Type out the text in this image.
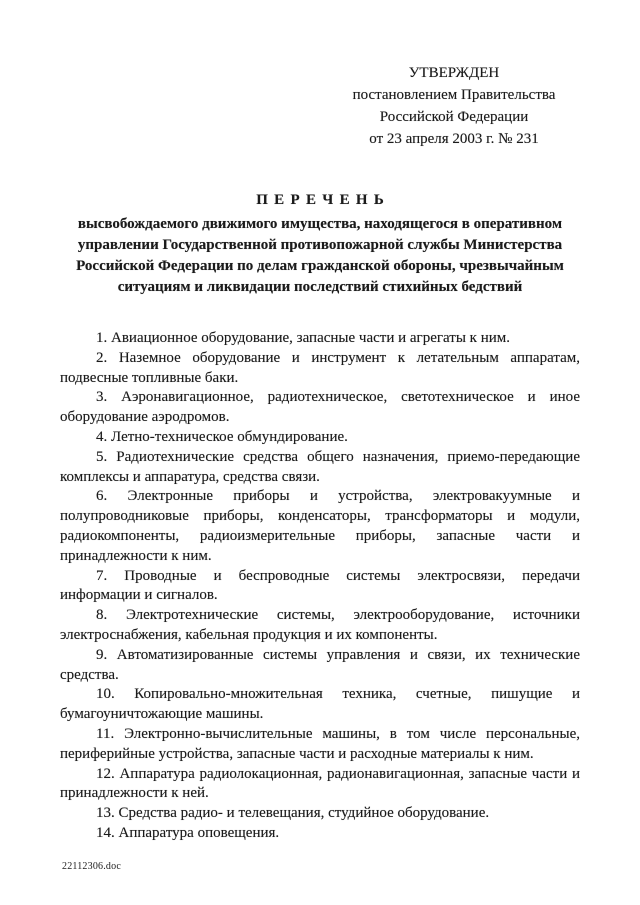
УТВЕРЖДЕН

постановлением Правительства

Российской Федерации

от 23 апреля 2003 г. № 231

ПЕРЕЧЕНЬ

высвобождаемого движимого имущества, находящегося в оперативном управлении Государственной противопожарной службы Министерства Российской Федерации по делам гражданской обороны, чрезвычайным ситуациям и ликвидации последствий стихийных бедствий

1. Авиационное оборудование, запасные части и агрегаты к ним.

2. Наземное оборудование и инструмент к летательным аппаратам, подвесные топливные баки.

3. Аэронавигационное, радиотехническое, светотехническое и иное оборудование аэродромов.

4. Летно-техническое обмундирование.

5. Радиотехнические средства общего назначения, приемо-передающие комплексы и аппаратура, средства связи.

6. Электронные приборы и устройства, электровакуумные и полупроводниковые приборы, конденсаторы, трансформаторы и модули, радиокомпоненты, радиоизмерительные приборы, запасные части и принадлежности к ним.

7. Проводные и беспроводные системы электросвязи, передачи информации и сигналов.

8. Электротехнические системы, электрооборудование, источники электроснабжения, кабельная продукция и их компоненты.

9. Автоматизированные системы управления и связи, их технические средства.

10. Копировально-множительная техника, счетные, пишущие и бумагоуничтожающие машины.

11. Электронно-вычислительные машины, в том числе персональные, периферийные устройства, запасные части и расходные материалы к ним.

12. Аппаратура радиолокационная, радионавигационная, запасные части и принадлежности к ней.

13. Средства радио- и телевещания, студийное оборудование.

14. Аппаратура оповещения.

22112306.doc
